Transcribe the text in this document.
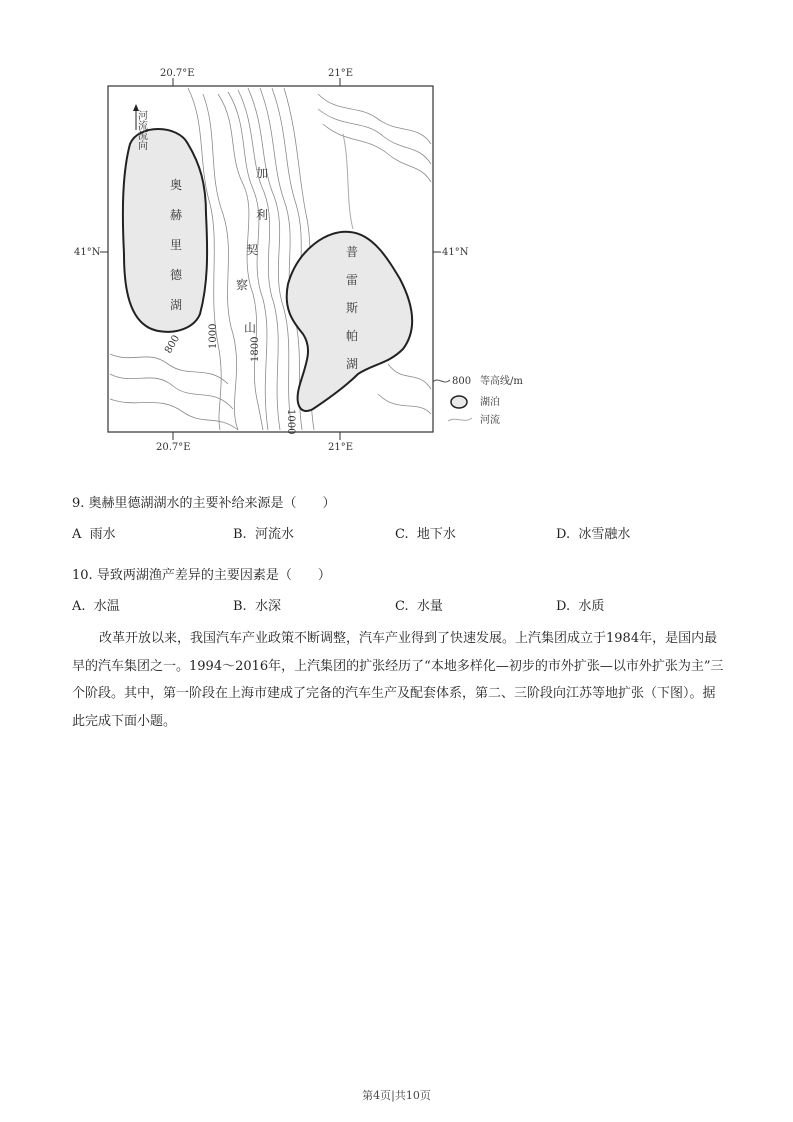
20.7°E	21°E
20.7°E	21°E
41°N	41°N
河流流向
奥
赫
里
德
湖
普
雷
斯
帕
湖
加
利
契
察
山
800	1000
1800
1000
800 等高线/m
湖泊
河流
9. 奥赫里德湖湖水的主要补给来源是（　　）
A 雨水	B. 河流水	C. 地下水	D. 冰雪融水
10. 导致两湖渔产差异的主要因素是（　　）
A. 水温	B. 水深	C. 水量	D. 水质
改革开放以来，我国汽车产业政策不断调整，汽车产业得到了快速发展。上汽集团成立于1984年，是国内最早的汽车集团之一。1994～2016年，上汽集团的扩张经历了“本地多样化—初步的市外扩张—以市外扩张为主”三个阶段。其中，第一阶段在上海市建成了完备的汽车生产及配套体系，第二、三阶段向江苏等地扩张（下图）。据此完成下面小题。
第4页|共10页
